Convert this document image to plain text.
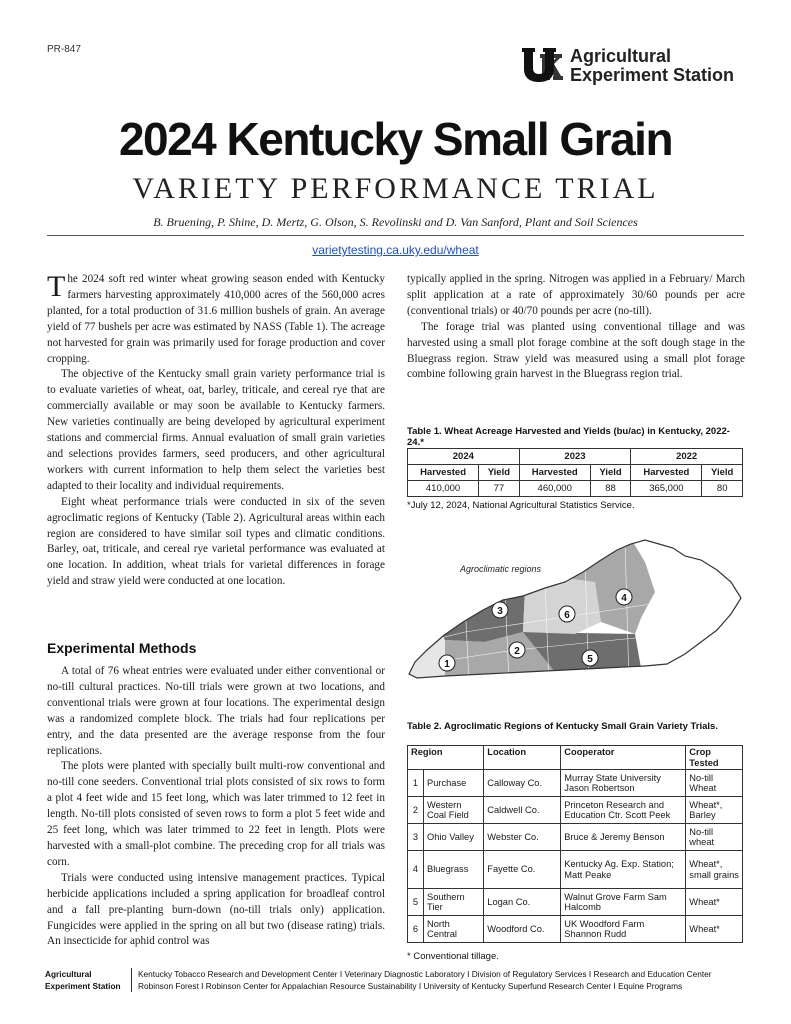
PR-847	Agricultural
Experiment Station
2024 Kentucky Small Grain
VARIETY PERFORMANCE TRIAL
B. Bruening, P. Shine, D. Mertz, G. Olson, S. Revolinski and D. Van Sanford, Plant and Soil Sciences
varietytesting.ca.uky.edu/wheat

The 2024 soft red winter wheat growing season ended with Kentucky farmers harvesting approximately 410,000 acres of the 560,000 acres planted, for a total production of 31.6 million bushels of grain. An average yield of 77 bushels per acre was estimated by NASS (Table 1). The acreage not harvested for grain was primarily used for forage production and cover cropping.

The objective of the Kentucky small grain variety performance trial is to evaluate varieties of wheat, oat, barley, triticale, and cereal rye that are commercially available or may soon be available to Kentucky farmers. New varieties continually are being developed by agricultural experiment stations and commercial firms. Annual evaluation of small grain varieties and selections provides farmers, seed producers, and other agricultural workers with current information to help them select the varieties best adapted to their locality and individual requirements.

Eight wheat performance trials were conducted in six of the seven agroclimatic regions of Kentucky (Table 2). Agricultural areas within each region are considered to have similar soil types and climatic conditions. Barley, oat, triticale, and cereal rye varietal performance was evaluated at one location. In addition, wheat trials for varietal differences in forage yield and straw yield were conducted at one location.

Experimental Methods

A total of 76 wheat entries were evaluated under either conventional or no-till cultural practices. No-till trials were grown at two locations, and conventional trials were grown at four locations. The experimental design was a randomized complete block. The trials had four replications per entry, and the data presented are the average response from the four replications.

The plots were planted with specially built multi-row conventional and no-till cone seeders. Conventional trial plots consisted of six rows to form a plot 4 feet wide and 15 feet long, which was later trimmed to 12 feet in length. No-till plots consisted of seven rows to form a plot 5 feet wide and 25 feet long, which was later trimmed to 22 feet in length. Plots were harvested with a small-plot combine. The preceding crop for all trials was corn.

Trials were conducted using intensive management practices. Typical herbicide applications included a spring application for broadleaf control and a fall pre-planting burn-down (no-till trials only) application. Fungicides were applied in the spring on all but two (disease rating) trials. An insecticide for aphid control was

typically applied in the spring. Nitrogen was applied in a February/ March split application at a rate of approximately 30/60 pounds per acre (conventional trials) or 40/70 pounds per acre (no-till).

The forage trial was planted using conventional tillage and was harvested using a small plot forage combine at the soft dough stage in the Bluegrass region. Straw yield was measured using a small plot forage combine following grain harvest in the Bluegrass region trial.

Table 1. Wheat Acreage Harvested and Yields (bu/ac) in Kentucky, 2022-24.*
2024		2023		2022	
Harvested	Yield	Harvested	Yield	Harvested	Yield
410,000	77	460,000	88	365,000	80
*July 12, 2024, National Agricultural Statistics Service.
Agroclimatic regions
1
2
3
4
5
6
Table 2. Agroclimatic Regions of Kentucky Small Grain Variety Trials.
Region		Location	Cooperator	Crop Tested
1	Purchase	Calloway Co.	Murray State University Jason Robertson	No-till Wheat
2	Western Coal Field	Caldwell Co.	Princeton Research and Education Ctr. Scott Peek	Wheat*, Barley
3	Ohio Valley	Webster Co.	Bruce & Jeremy Benson	No-till wheat
4	Bluegrass	Fayette Co.	Kentucky Ag. Exp. Station; Matt Peake	Wheat*, small grains
5	Southern Tier	Logan Co.	Walnut Grove Farm Sam Halcomb	Wheat*
6	North Central	Woodford Co.	UK Woodford Farm Shannon Rudd	Wheat*
* Conventional tillage.
Agricultural Experiment Station
Kentucky Tobacco Research and Development Center I Veterinary Diagnostic Laboratory I Division of Regulatory Services I Research and Education Center
Robinson Forest I Robinson Center for Appalachian Resource Sustainability I University of Kentucky Superfund Research Center I Equine Programs
